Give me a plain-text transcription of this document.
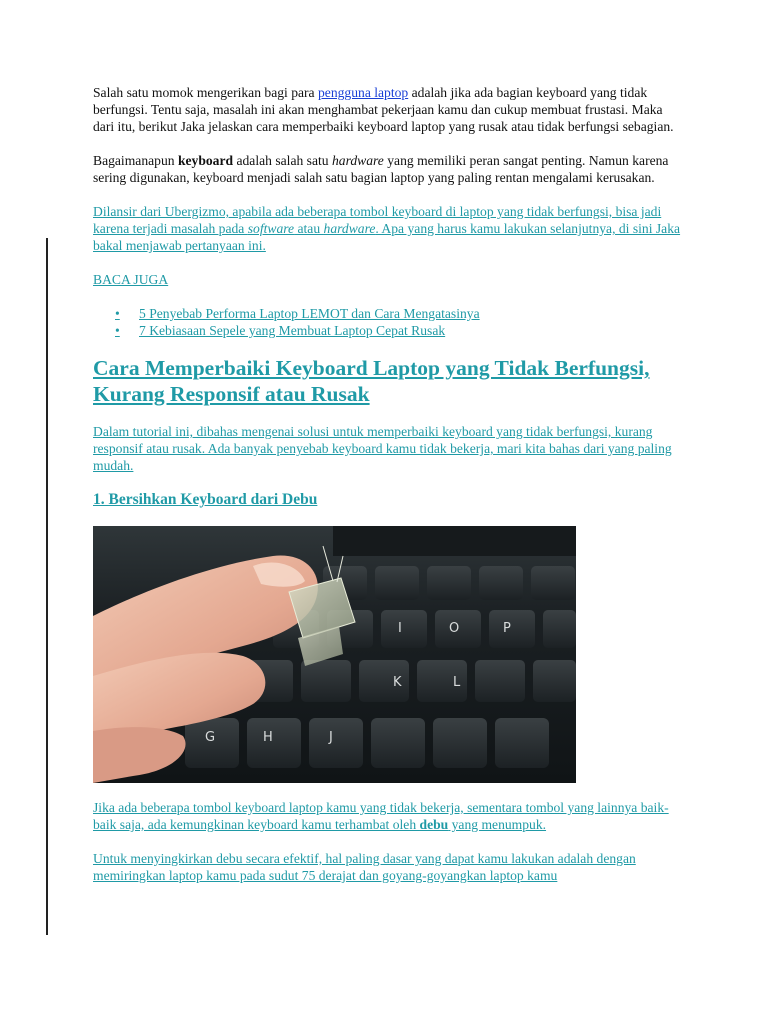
Salah satu momok mengerikan bagi para pengguna laptop adalah jika ada bagian keyboard yang tidak berfungsi. Tentu saja, masalah ini akan menghambat pekerjaan kamu dan cukup membuat frustasi. Maka dari itu, berikut Jaka jelaskan cara memperbaiki keyboard laptop yang rusak atau tidak berfungsi sebagian.

Bagaimanapun keyboard adalah salah satu hardware yang memiliki peran sangat penting. Namun karena sering digunakan, keyboard menjadi salah satu bagian laptop yang paling rentan mengalami kerusakan.

Dilansir dari Ubergizmo, apabila ada beberapa tombol keyboard di laptop yang tidak berfungsi, bisa jadi karena terjadi masalah pada software atau hardware. Apa yang harus kamu lakukan selanjutnya, di sini Jaka bakal menjawab pertanyaan ini.

BACA JUGA

• 5 Penyebab Performa Laptop LEMOT dan Cara Mengatasinya
• 7 Kebiasaan Sepele yang Membuat Laptop Cepat Rusak
Cara Memperbaiki Keyboard Laptop yang Tidak Berfungsi, Kurang Responsif atau Rusak

Dalam tutorial ini, dibahas mengenai solusi untuk memperbaiki keyboard yang tidak berfungsi, kurang responsif atau rusak. Ada banyak penyebab keyboard kamu tidak bekerja, mari kita bahas dari yang paling mudah.

1. Bersihkan Keyboard dari Debu
I	O	P
K	L
H
G	J

Jika ada beberapa tombol keyboard laptop kamu yang tidak bekerja, sementara tombol yang lainnya baik-baik saja, ada kemungkinan keyboard kamu terhambat oleh debu yang menumpuk.

Untuk menyingkirkan debu secara efektif, hal paling dasar yang dapat kamu lakukan adalah dengan memiringkan laptop kamu pada sudut 75 derajat dan goyang-goyangkan laptop kamu
